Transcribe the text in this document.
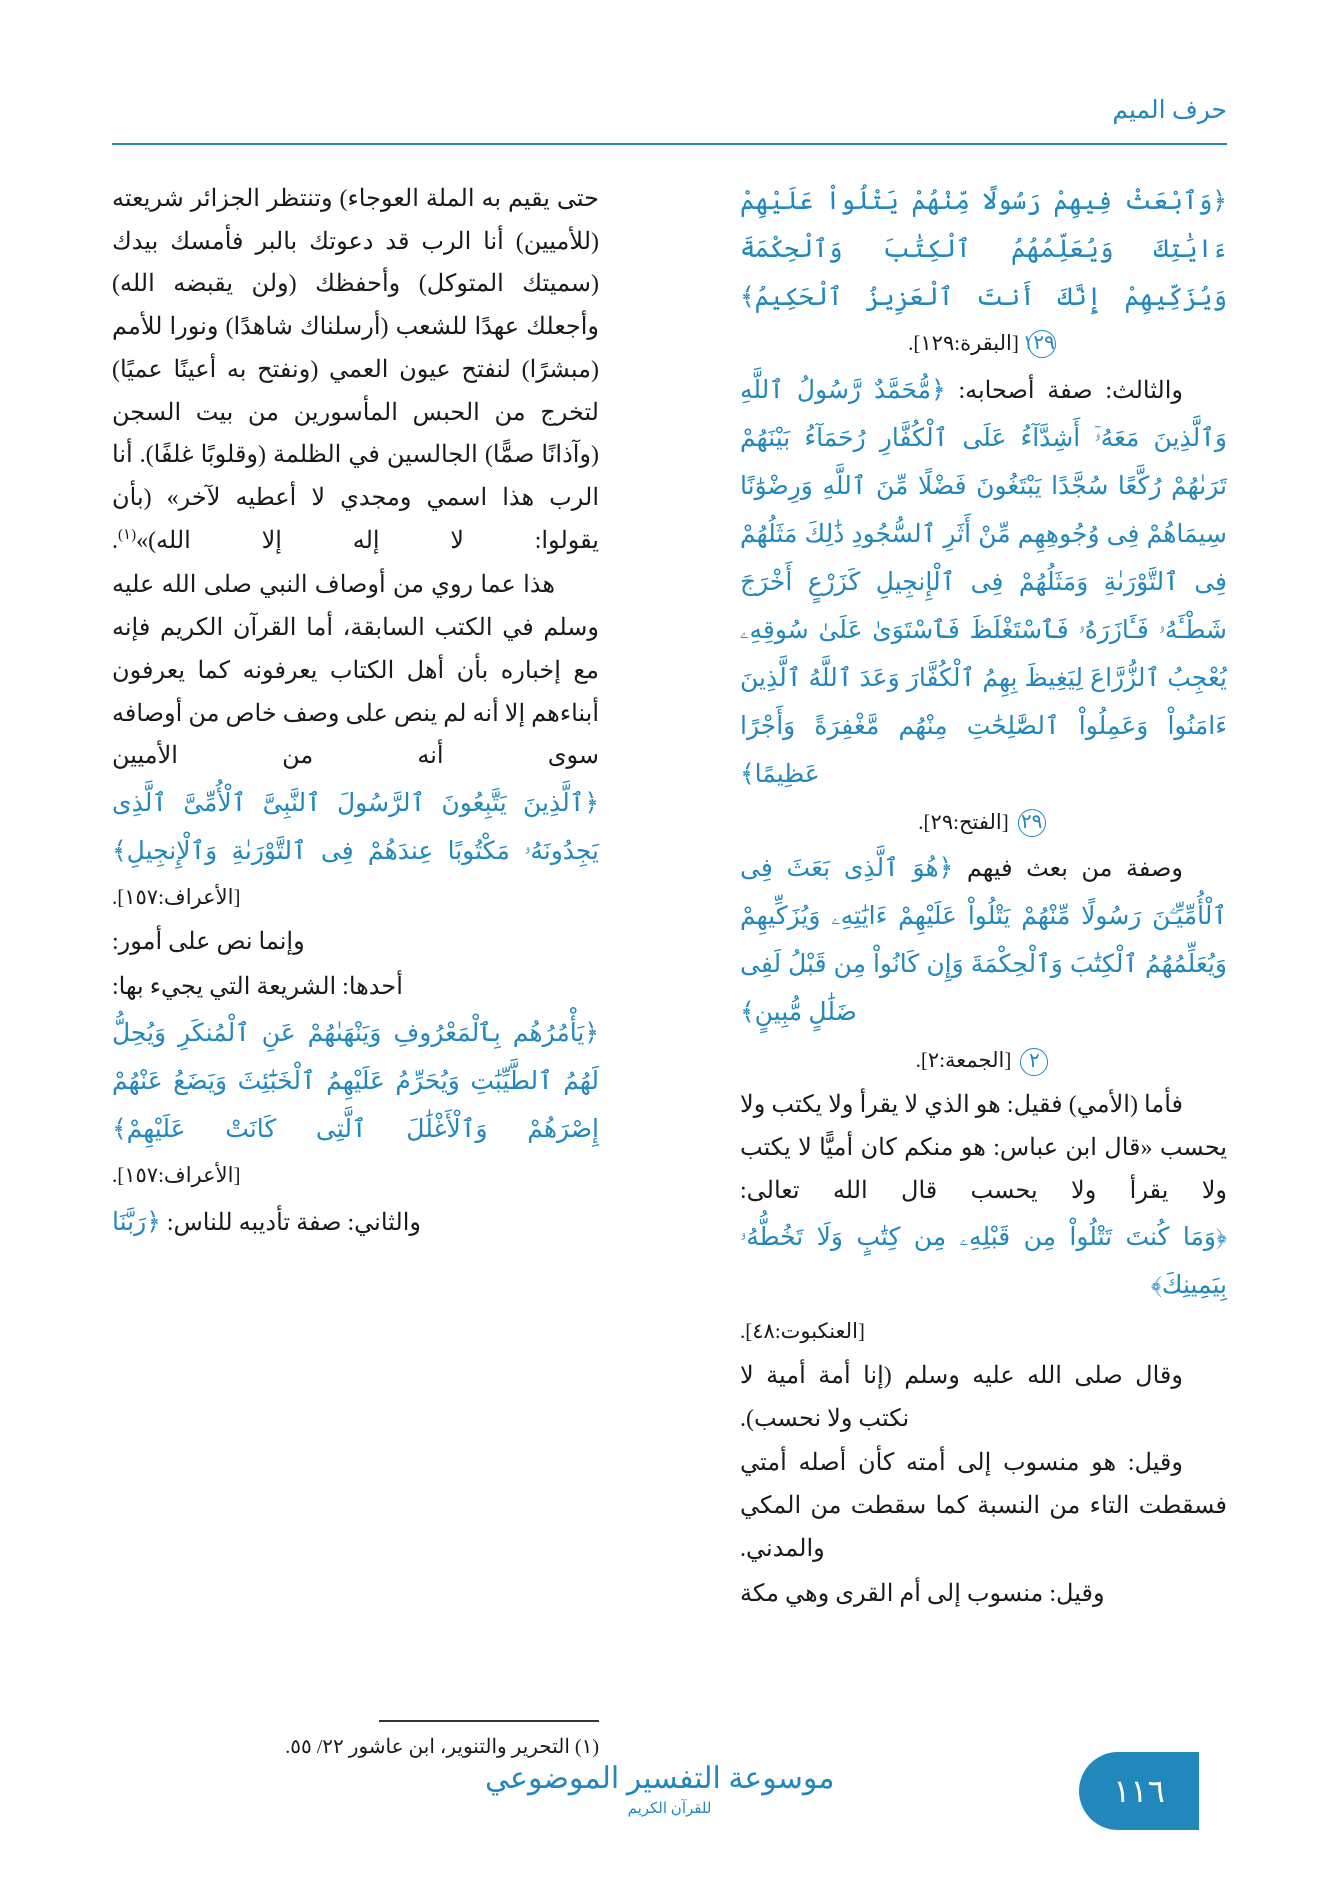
حرف الميم

﴿وَٱبْعَثْ فِيهِمْ رَسُولًا مِّنْهُمْ يَتْلُواْ عَلَيْهِمْ ءَايَٰتِكَ وَيُعَلِّمُهُمُ ٱلْكِتَٰبَ وَٱلْحِكْمَةَ وَيُزَكِّيهِمْ إِنَّكَ أَنتَ ٱلْعَزِيزُ ٱلْحَكِيمُ﴾

١٢٩ [البقرة:١٢٩].

والثالث: صفة أصحابه: ﴿مُّحَمَّدٌ رَّسُولُ ٱللَّهِ وَٱلَّذِينَ مَعَهُۥٓ أَشِدَّآءُ عَلَى ٱلْكُفَّارِ رُحَمَآءُ بَيْنَهُمْ تَرَىٰهُمْ رُكَّعًا سُجَّدًا يَبْتَغُونَ فَضْلًا مِّنَ ٱللَّهِ وَرِضْوَٰنًا سِيمَاهُمْ فِى وُجُوهِهِم مِّنْ أَثَرِ ٱلسُّجُودِ ذَٰلِكَ مَثَلُهُمْ فِى ٱلتَّوْرَىٰةِ وَمَثَلُهُمْ فِى ٱلْإِنجِيلِ كَزَرْعٍ أَخْرَجَ شَطْـَٔهُۥ فَـَٔازَرَهُۥ فَٱسْتَغْلَظَ فَٱسْتَوَىٰ عَلَىٰ سُوقِهِۦ يُعْجِبُ ٱلزُّرَّاعَ لِيَغِيظَ بِهِمُ ٱلْكُفَّارَ وَعَدَ ٱللَّهُ ٱلَّذِينَ ءَامَنُواْ وَعَمِلُواْ ٱلصَّٰلِحَٰتِ مِنْهُم مَّغْفِرَةً وَأَجْرًا عَظِيمًا﴾

٢٩ [الفتح:٢٩].

وصفة من بعث فيهم ﴿هُوَ ٱلَّذِى بَعَثَ فِى ٱلْأُمِّيِّـۧنَ رَسُولًا مِّنْهُمْ يَتْلُواْ عَلَيْهِمْ ءَايَٰتِهِۦ وَيُزَكِّيهِمْ وَيُعَلِّمُهُمُ ٱلْكِتَٰبَ وَٱلْحِكْمَةَ وَإِن كَانُواْ مِن قَبْلُ لَفِى ضَلَٰلٍ مُّبِينٍ﴾

٢ [الجمعة:٢].

فأما (الأمي) فقيل: هو الذي لا يقرأ ولا يكتب ولا يحسب «قال ابن عباس: هو منكم كان أميًّا لا يكتب ولا يقرأ ولا يحسب قال الله تعالى:

﴿وَمَا كُنتَ تَتْلُواْ مِن قَبْلِهِۦ مِن كِتَٰبٍ وَلَا تَخُطُّهُۥ بِيَمِينِكَ﴾

[العنكبوت:٤٨].

وقال صلى الله عليه وسلم (إنا أمة أمية لا نكتب ولا نحسب).

وقيل: هو منسوب إلى أمته كأن أصله أمتي فسقطت التاء من النسبة كما سقطت من المكي والمدني.

وقيل: منسوب إلى أم القرى وهي مكة

حتى يقيم به الملة العوجاء) وتنتظر الجزائر شريعته (للأميين) أنا الرب قد دعوتك بالبر فأمسك بيدك (سميتك المتوكل) وأحفظك (ولن يقبضه الله) وأجعلك عهدًا للشعب (أرسلناك شاهدًا) ونورا للأمم (مبشرًا) لنفتح عيون العمي (ونفتح به أعينًا عميًا) لتخرج من الحبس المأسورين من بيت السجن (وآذانًا صمًّا) الجالسين في الظلمة (وقلوبًا غلفًا). أنا الرب هذا اسمي ومجدي لا أعطيه لآخر» (بأن يقولوا: لا إله إلا الله)»$^{(١)}$.

هذا عما روي من أوصاف النبي صلى الله عليه وسلم في الكتب السابقة، أما القرآن الكريم فإنه مع إخباره بأن أهل الكتاب يعرفونه كما يعرفون أبناءهم إلا أنه لم ينص على وصف خاص من أوصافه سوى أنه من الأميين

﴿ٱلَّذِينَ يَتَّبِعُونَ ٱلرَّسُولَ ٱلنَّبِىَّ ٱلْأُمِّىَّ ٱلَّذِى يَجِدُونَهُۥ مَكْتُوبًا عِندَهُمْ فِى ٱلتَّوْرَىٰةِ وَٱلْإِنجِيلِ﴾

[الأعراف:١٥٧].

وإنما نص على أمور:

أحدها: الشريعة التي يجيء بها:

﴿يَأْمُرُهُم بِٱلْمَعْرُوفِ وَيَنْهَىٰهُمْ عَنِ ٱلْمُنكَرِ وَيُحِلُّ لَهُمُ ٱلطَّيِّبَٰتِ وَيُحَرِّمُ عَلَيْهِمُ ٱلْخَبَٰٓئِثَ وَيَضَعُ عَنْهُمْ إِصْرَهُمْ وَٱلْأَغْلَٰلَ ٱلَّتِى كَانَتْ عَلَيْهِمْ﴾

[الأعراف:١٥٧].

والثاني: صفة تأديبه للناس: ﴿رَبَّنَا

(١) التحرير والتنوير، ابن عاشور ٢٢/ ٥٥.

موسوعة التفسير الموضوعي
للقرآن الكريم	١١٦
